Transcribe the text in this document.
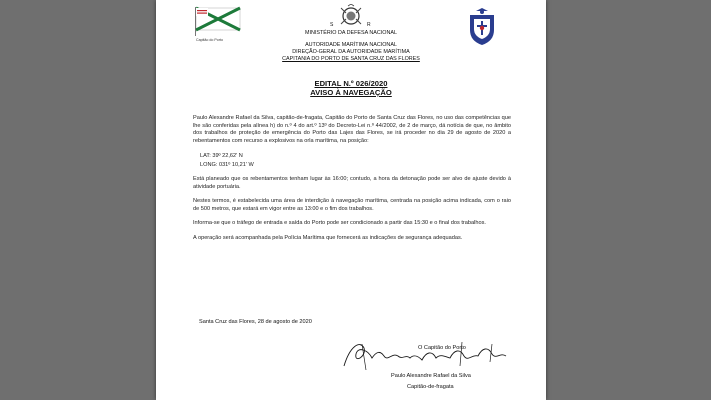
Capitão do Porto

S	R

MINISTÉRIO DA DEFESA NACIONAL

AUTORIDADE MARÍTIMA NACIONAL

DIREÇÃO-GERAL DA AUTORIDADE MARÍTIMA

CAPITANIA DO PORTO DE SANTA CRUZ DAS FLORES

EDITAL N.º 026/2020

AVISO À NAVEGAÇÃO

Paulo Alexandre Rafael da Silva, capitão-de-fragata, Capitão do Porto de Santa Cruz das Flores, no uso das competências que lhe são conferidas pela alínea h) do n.º 4 do art.º 13º do Decreto-Lei n.º 44/2002, de 2 de março, dá notícia de que, no âmbito dos trabalhos de proteção de emergência do Porto das Lajes das Flores, se irá proceder no dia 29 de agosto de 2020 a rebentamentos com recurso a explosivos na orla marítima, na posição:

LAT: 39º 22,62' N
LONG: 031º 10,21' W

Está planeado que os rebentamentos tenham lugar às 16:00; contudo, a hora da detonação pode ser alvo de ajuste devido à atividade portuária.

Nestes termos, é estabelecida uma área de interdição à navegação marítima, centrada na posição acima indicada, com o raio de 500 metros, que estará em vigor entre as 13:00 e o fim dos trabalhos.

Informa-se que o tráfego de entrada e saída do Porto pode ser condicionado a partir das 15:30 e o final dos trabalhos.

A operação será acompanhada pela Polícia Marítima que fornecerá as indicações de segurança adequadas.

Santa Cruz das Flores, 28 de agosto de 2020

O Capitão do Porto

Paulo Alexandre Rafael da Silva

Capitão-de-fragata
